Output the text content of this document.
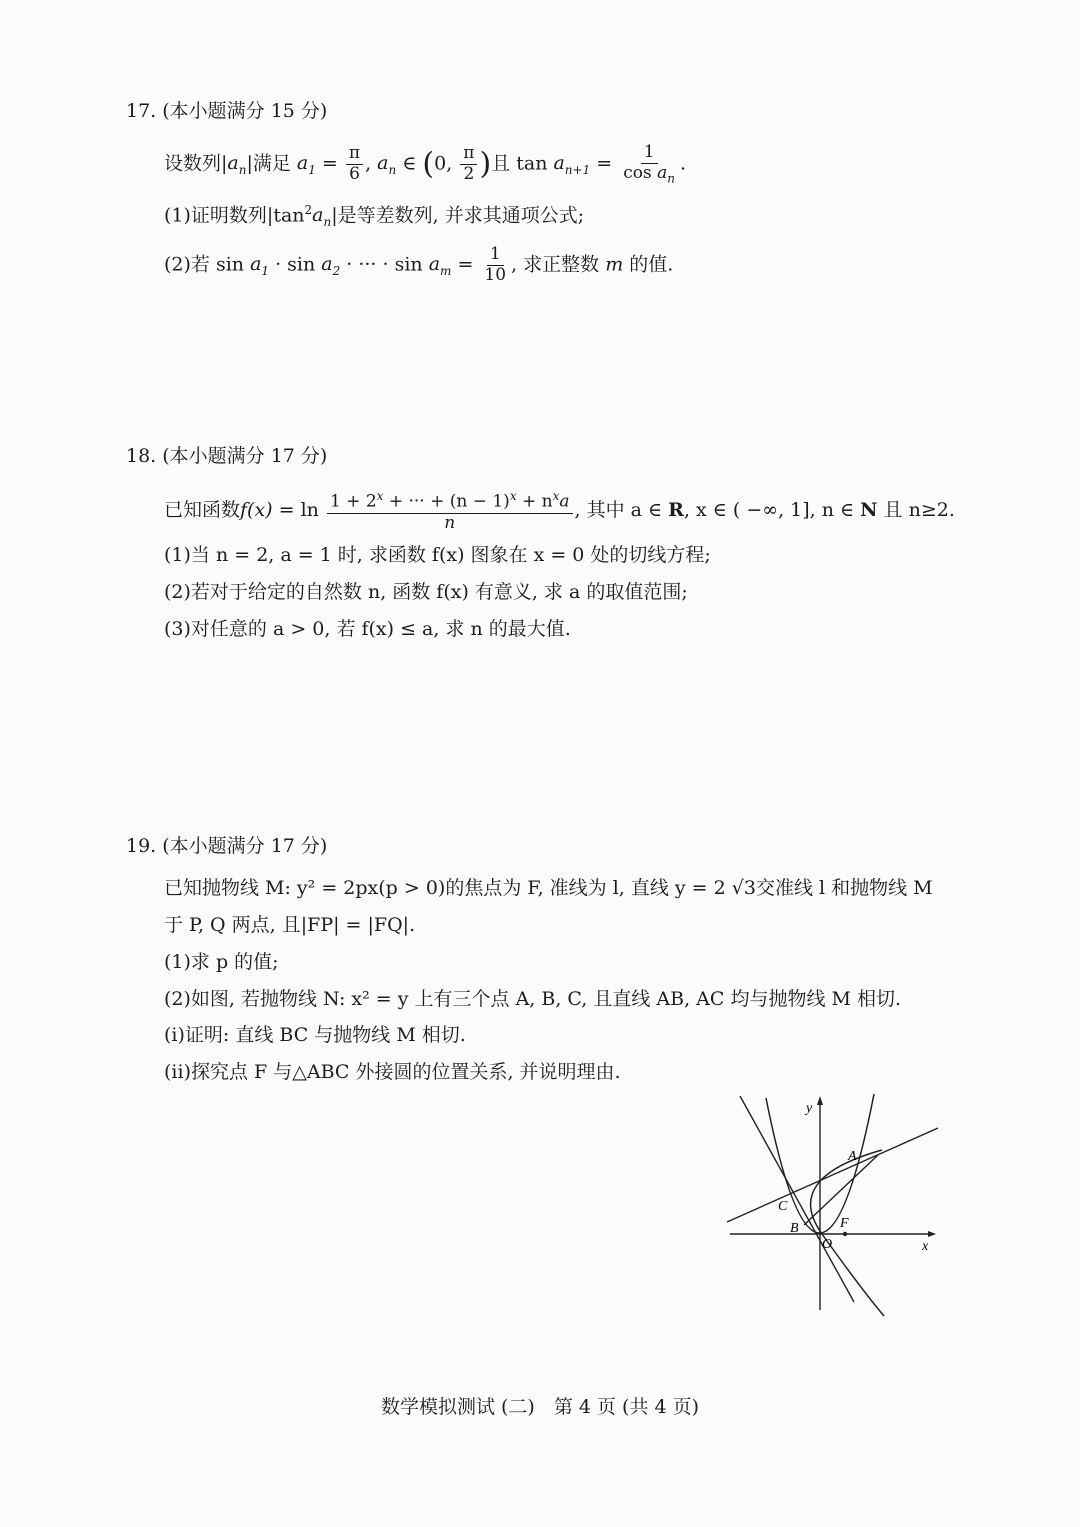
17. (本小题满分 15 分)
设数列$|a_n|$满足 $a_1 = \frac{\pi}{6}$ , $a_n$ ∈ (0, $\frac{\pi}{2}$ )且 $\tan a_{n+1} = \frac{1}{\cos a_n}$ .
(1)证明数列$|\tan^2a_n|$是等差数列, 并求其通项公式;
(2)若 $\sin a_1 \cdot \sin a_2$ · ··· · $\sin a_m = \frac{1}{10}$ , 求正整数 m 的值.
18. (本小题满分 17 分)
已知函数$f(x) = \ln \frac{1 + 2^x + \cdot\cdot\cdot + (n - 1)^x + n^xa}{n}$ , 其中 a ∈ R, x ∈ ( −∞, 1], n ∈ N 且 n≥2.
(1)当 n = 2, a = 1 时, 求函数 f(x) 图象在 x = 0 处的切线方程;
(2)若对于给定的自然数 n, 函数 f(x) 有意义, 求 a 的取值范围;
(3)对任意的 a > 0, 若 f(x) ≤ a, 求 n 的最大值.
19. (本小题满分 17 分)
已知抛物线 M: y² = 2px(p > 0)的焦点为 F, 准线为 l, 直线 y = 2 √3交准线 l 和抛物线 M
于 P, Q 两点, 且|FP| = |FQ|.
(1)求 p 的值;
(2)如图, 若抛物线 N: x² = y 上有三个点 A, B, C, 且直线 AB, AC 均与抛物线 M 相切.
(i)证明: 直线 BC 与抛物线 M 相切.
(ii)探究点 F 与△ABC 外接圆的位置关系, 并说明理由.
y
x
A
B
C
O
F
数学模拟测试 (二)　第 4 页 (共 4 页)
